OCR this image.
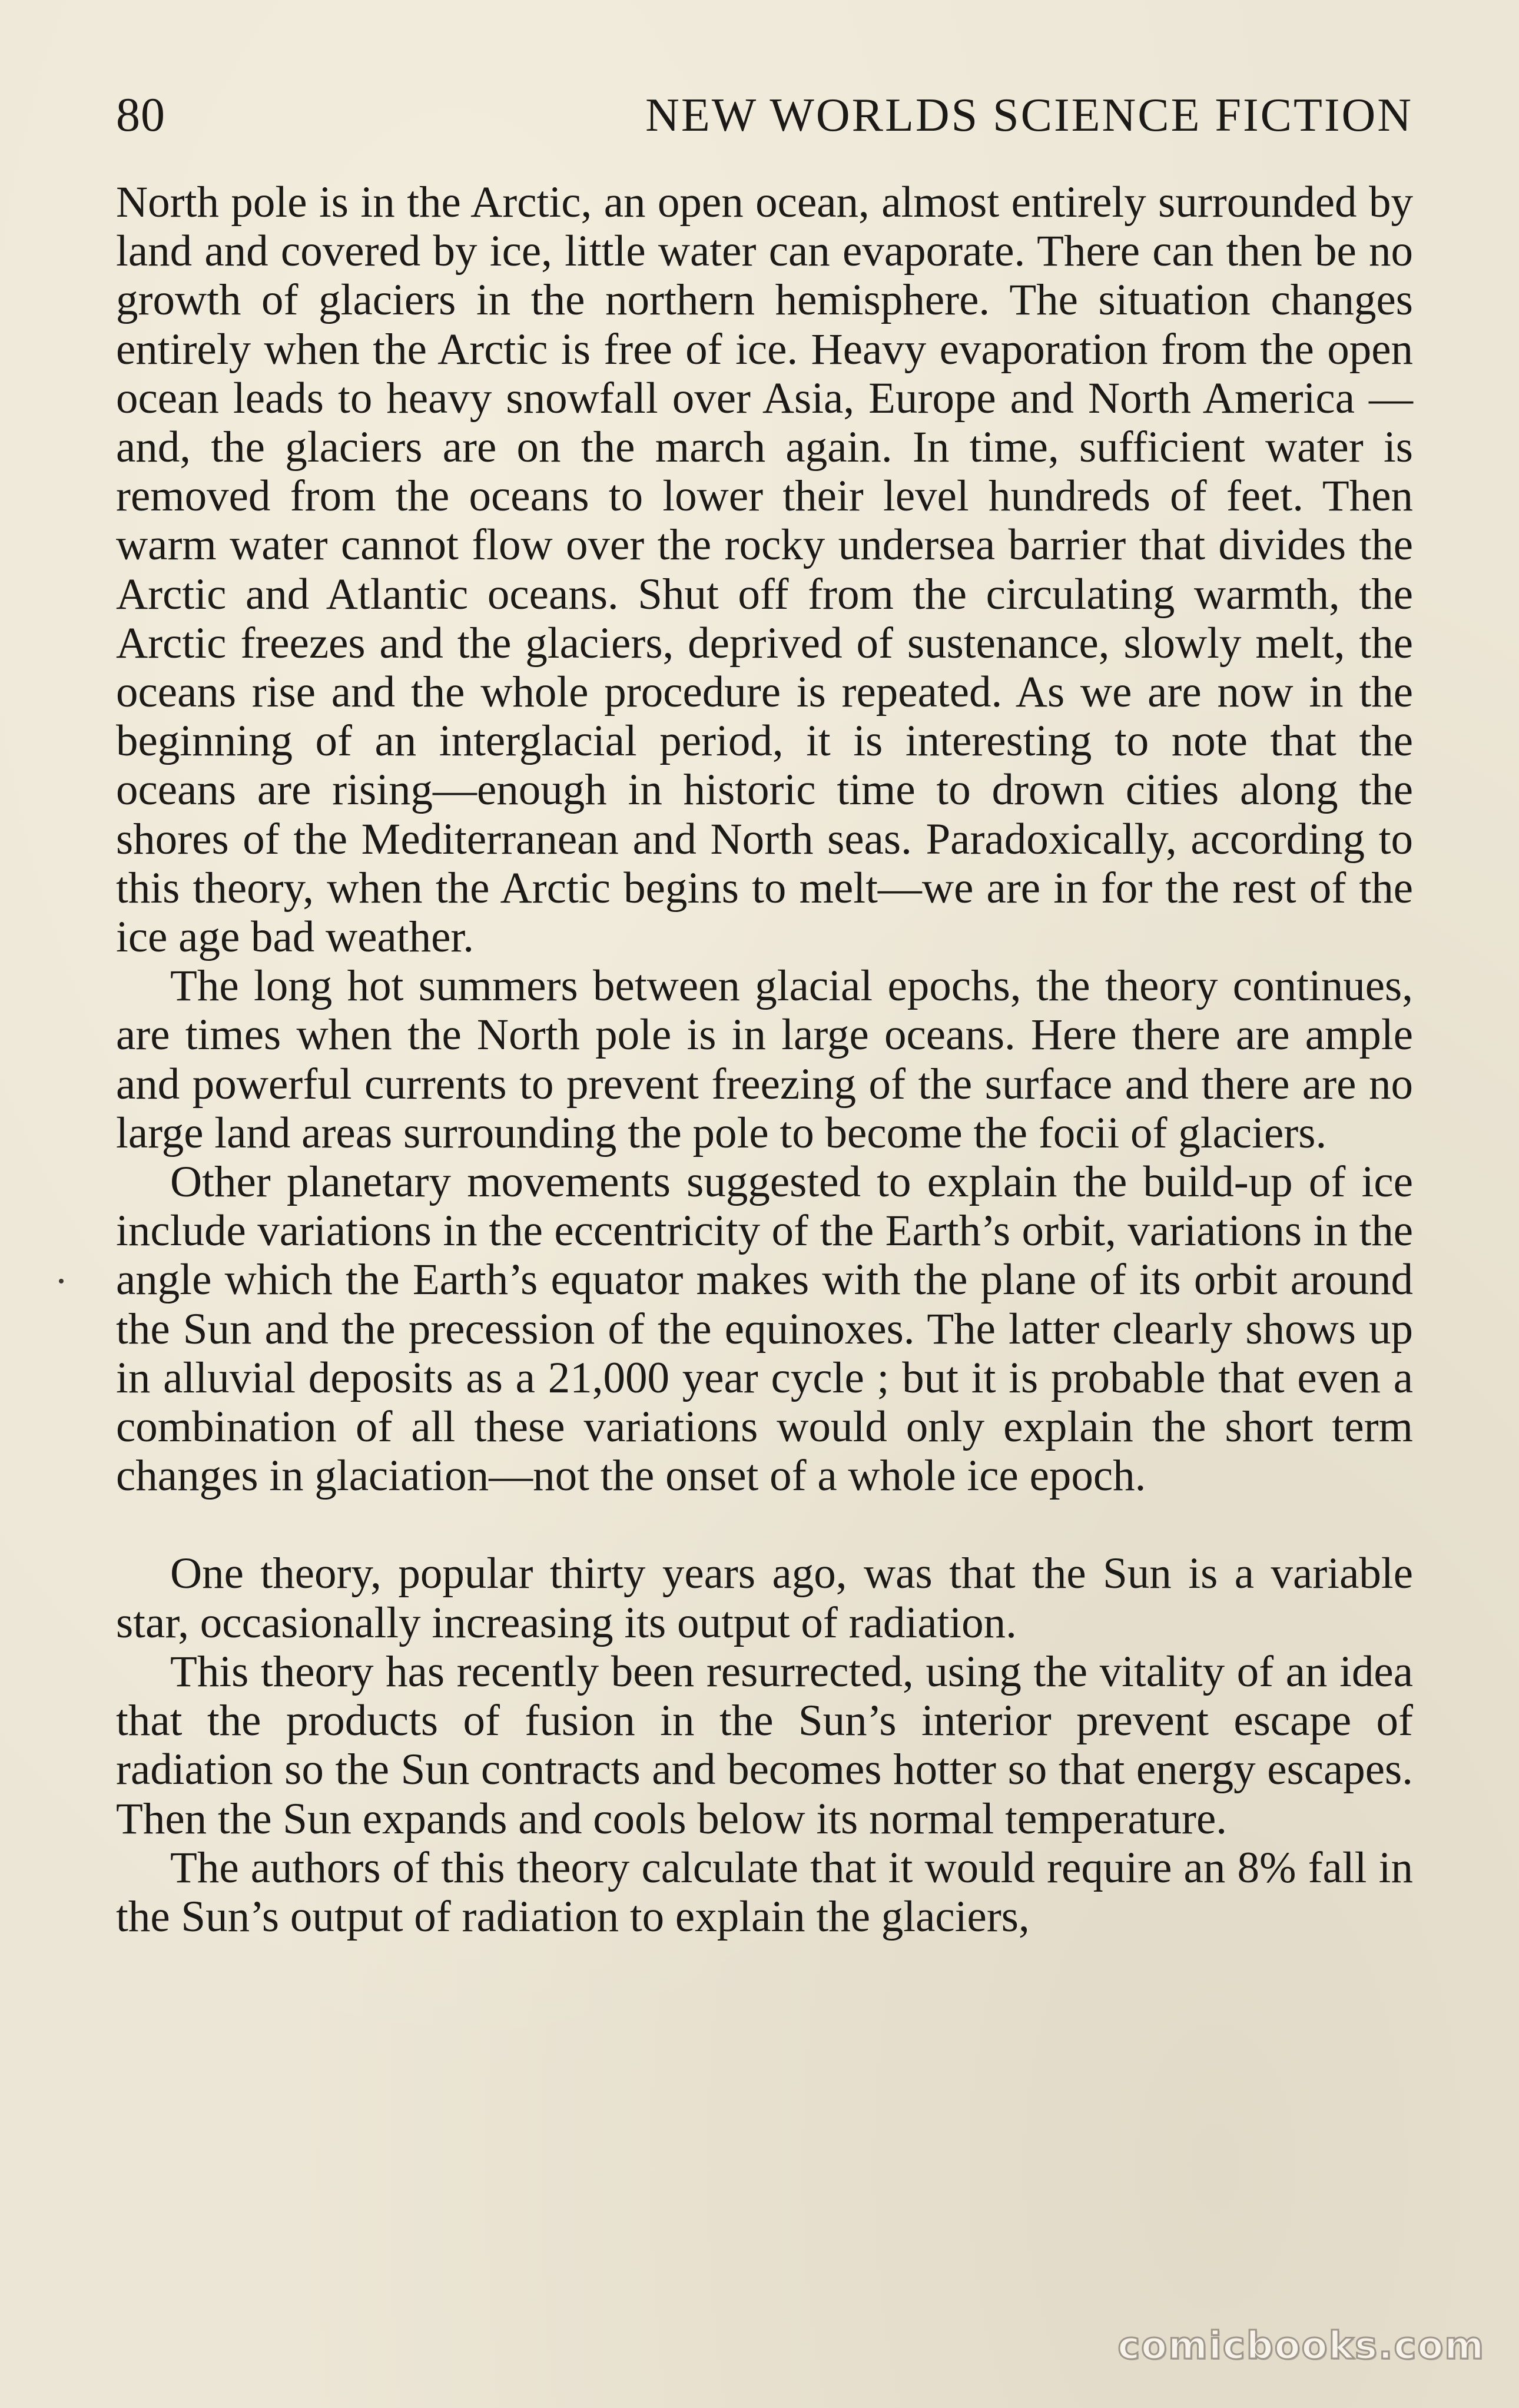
80	NEW WORLDS SCIENCE FICTION

North pole is in the Arctic, an open ocean, almost entirely surrounded by land and covered by ice, little water can evaporate. There can then be no growth of glaciers in the northern hemisphere. The situation changes entirely when the Arctic is free of ice. Heavy evaporation from the open ocean leads to heavy snowfall over Asia, Europe and North America —and, the glaciers are on the march again. In time, sufficient water is removed from the oceans to lower their level hundreds of feet. Then warm water cannot flow over the rocky undersea barrier that divides the Arctic and Atlantic oceans. Shut off from the circulating warmth, the Arctic freezes and the glaciers, deprived of sustenance, slowly melt, the oceans rise and the whole procedure is repeated. As we are now in the beginning of an interglacial period, it is interesting to note that the oceans are rising—enough in historic time to drown cities along the shores of the Mediterranean and North seas. Paradoxically, according to this theory, when the Arctic begins to melt—we are in for the rest of the ice age bad weather.

The long hot summers between glacial epochs, the theory continues, are times when the North pole is in large oceans. Here there are ample and powerful currents to prevent freezing of the surface and there are no large land areas surrounding the pole to become the focii of glaciers.

Other planetary movements suggested to explain the build-up of ice include variations in the eccentricity of the Earth’s orbit, variations in the angle which the Earth’s equator makes with the plane of its orbit around the Sun and the precession of the equinoxes. The latter clearly shows up in alluvial deposits as a 21,000 year cycle ; but it is probable that even a combination of all these variations would only explain the short term changes in glaciation—not the onset of a whole ice epoch.

One theory, popular thirty years ago, was that the Sun is a variable star, occasionally increasing its output of radiation.

This theory has recently been resurrected, using the vitality of an idea that the products of fusion in the Sun’s interior prevent escape of radiation so the Sun contracts and becomes hotter so that energy escapes. Then the Sun expands and cools below its normal temperature.

The authors of this theory calculate that it would require an 8% fall in the Sun’s output of radiation to explain the glaciers,

comicbooks.com
